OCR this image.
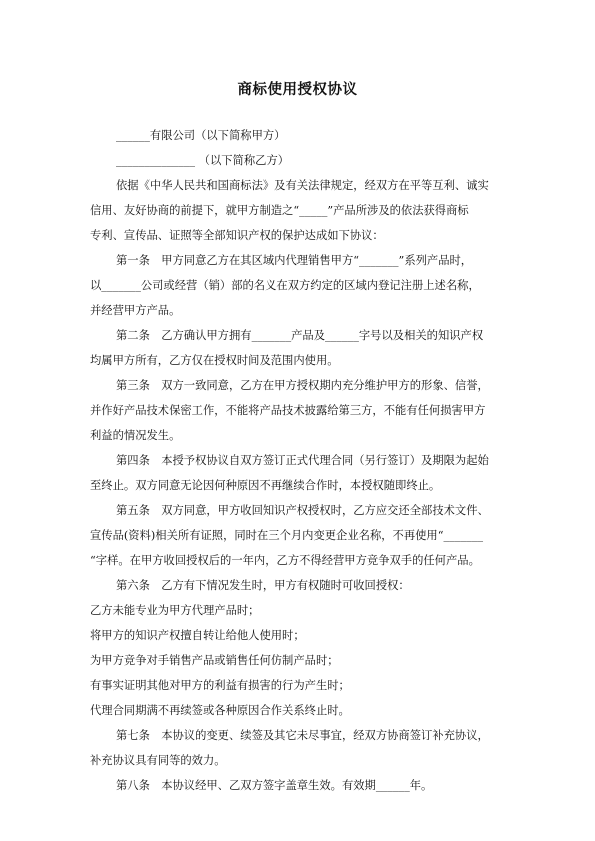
商标使用授权协议
______有限公司（以下简称甲方）
______________ （以下简称乙方）
依据《中华人民共和国商标法》及有关法律规定，经双方在平等互利、诚实
信用、友好协商的前提下，就甲方制造之“_____”产品所涉及的依法获得商标
专利、宣传品、证照等全部知识产权的保护达成如下协议：
第一条　甲方同意乙方在其区域内代理销售甲方“_______”系列产品时，
以_______公司或经营（销）部的名义在双方约定的区域内登记注册上述名称，
并经营甲方产品。
第二条　乙方确认甲方拥有_______产品及______字号以及相关的知识产权
均属甲方所有，乙方仅在授权时间及范围内使用。
第三条　双方一致同意，乙方在甲方授权期内充分维护甲方的形象、信誉，
并作好产品技术保密工作，不能将产品技术披露给第三方，不能有任何损害甲方
利益的情况发生。
第四条　本授予权协议自双方签订正式代理合同（另行签订）及期限为起始
至终止。双方同意无论因何种原因不再继续合作时，本授权随即终止。
第五条　双方同意，甲方收回知识产权授权时，乙方应交还全部技术文件、
宣传品(资料)相关所有证照，同时在三个月内变更企业名称，不再使用“_______
“字样。在甲方收回授权后的一年内，乙方不得经营甲方竞争双手的任何产品。
第六条　乙方有下情况发生时，甲方有权随时可收回授权：
乙方未能专业为甲方代理产品时；
将甲方的知识产权擅自转让给他人使用时；
为甲方竞争对手销售产品或销售任何仿制产品时；
有事实证明其他对甲方的利益有损害的行为产生时；
代理合同期满不再续签或各种原因合作关系终止时。
第七条　本协议的变更、续签及其它未尽事宜，经双方协商签订补充协议，
补充协议具有同等的效力。
第八条　本协议经甲、乙双方签字盖章生效。有效期______年。
